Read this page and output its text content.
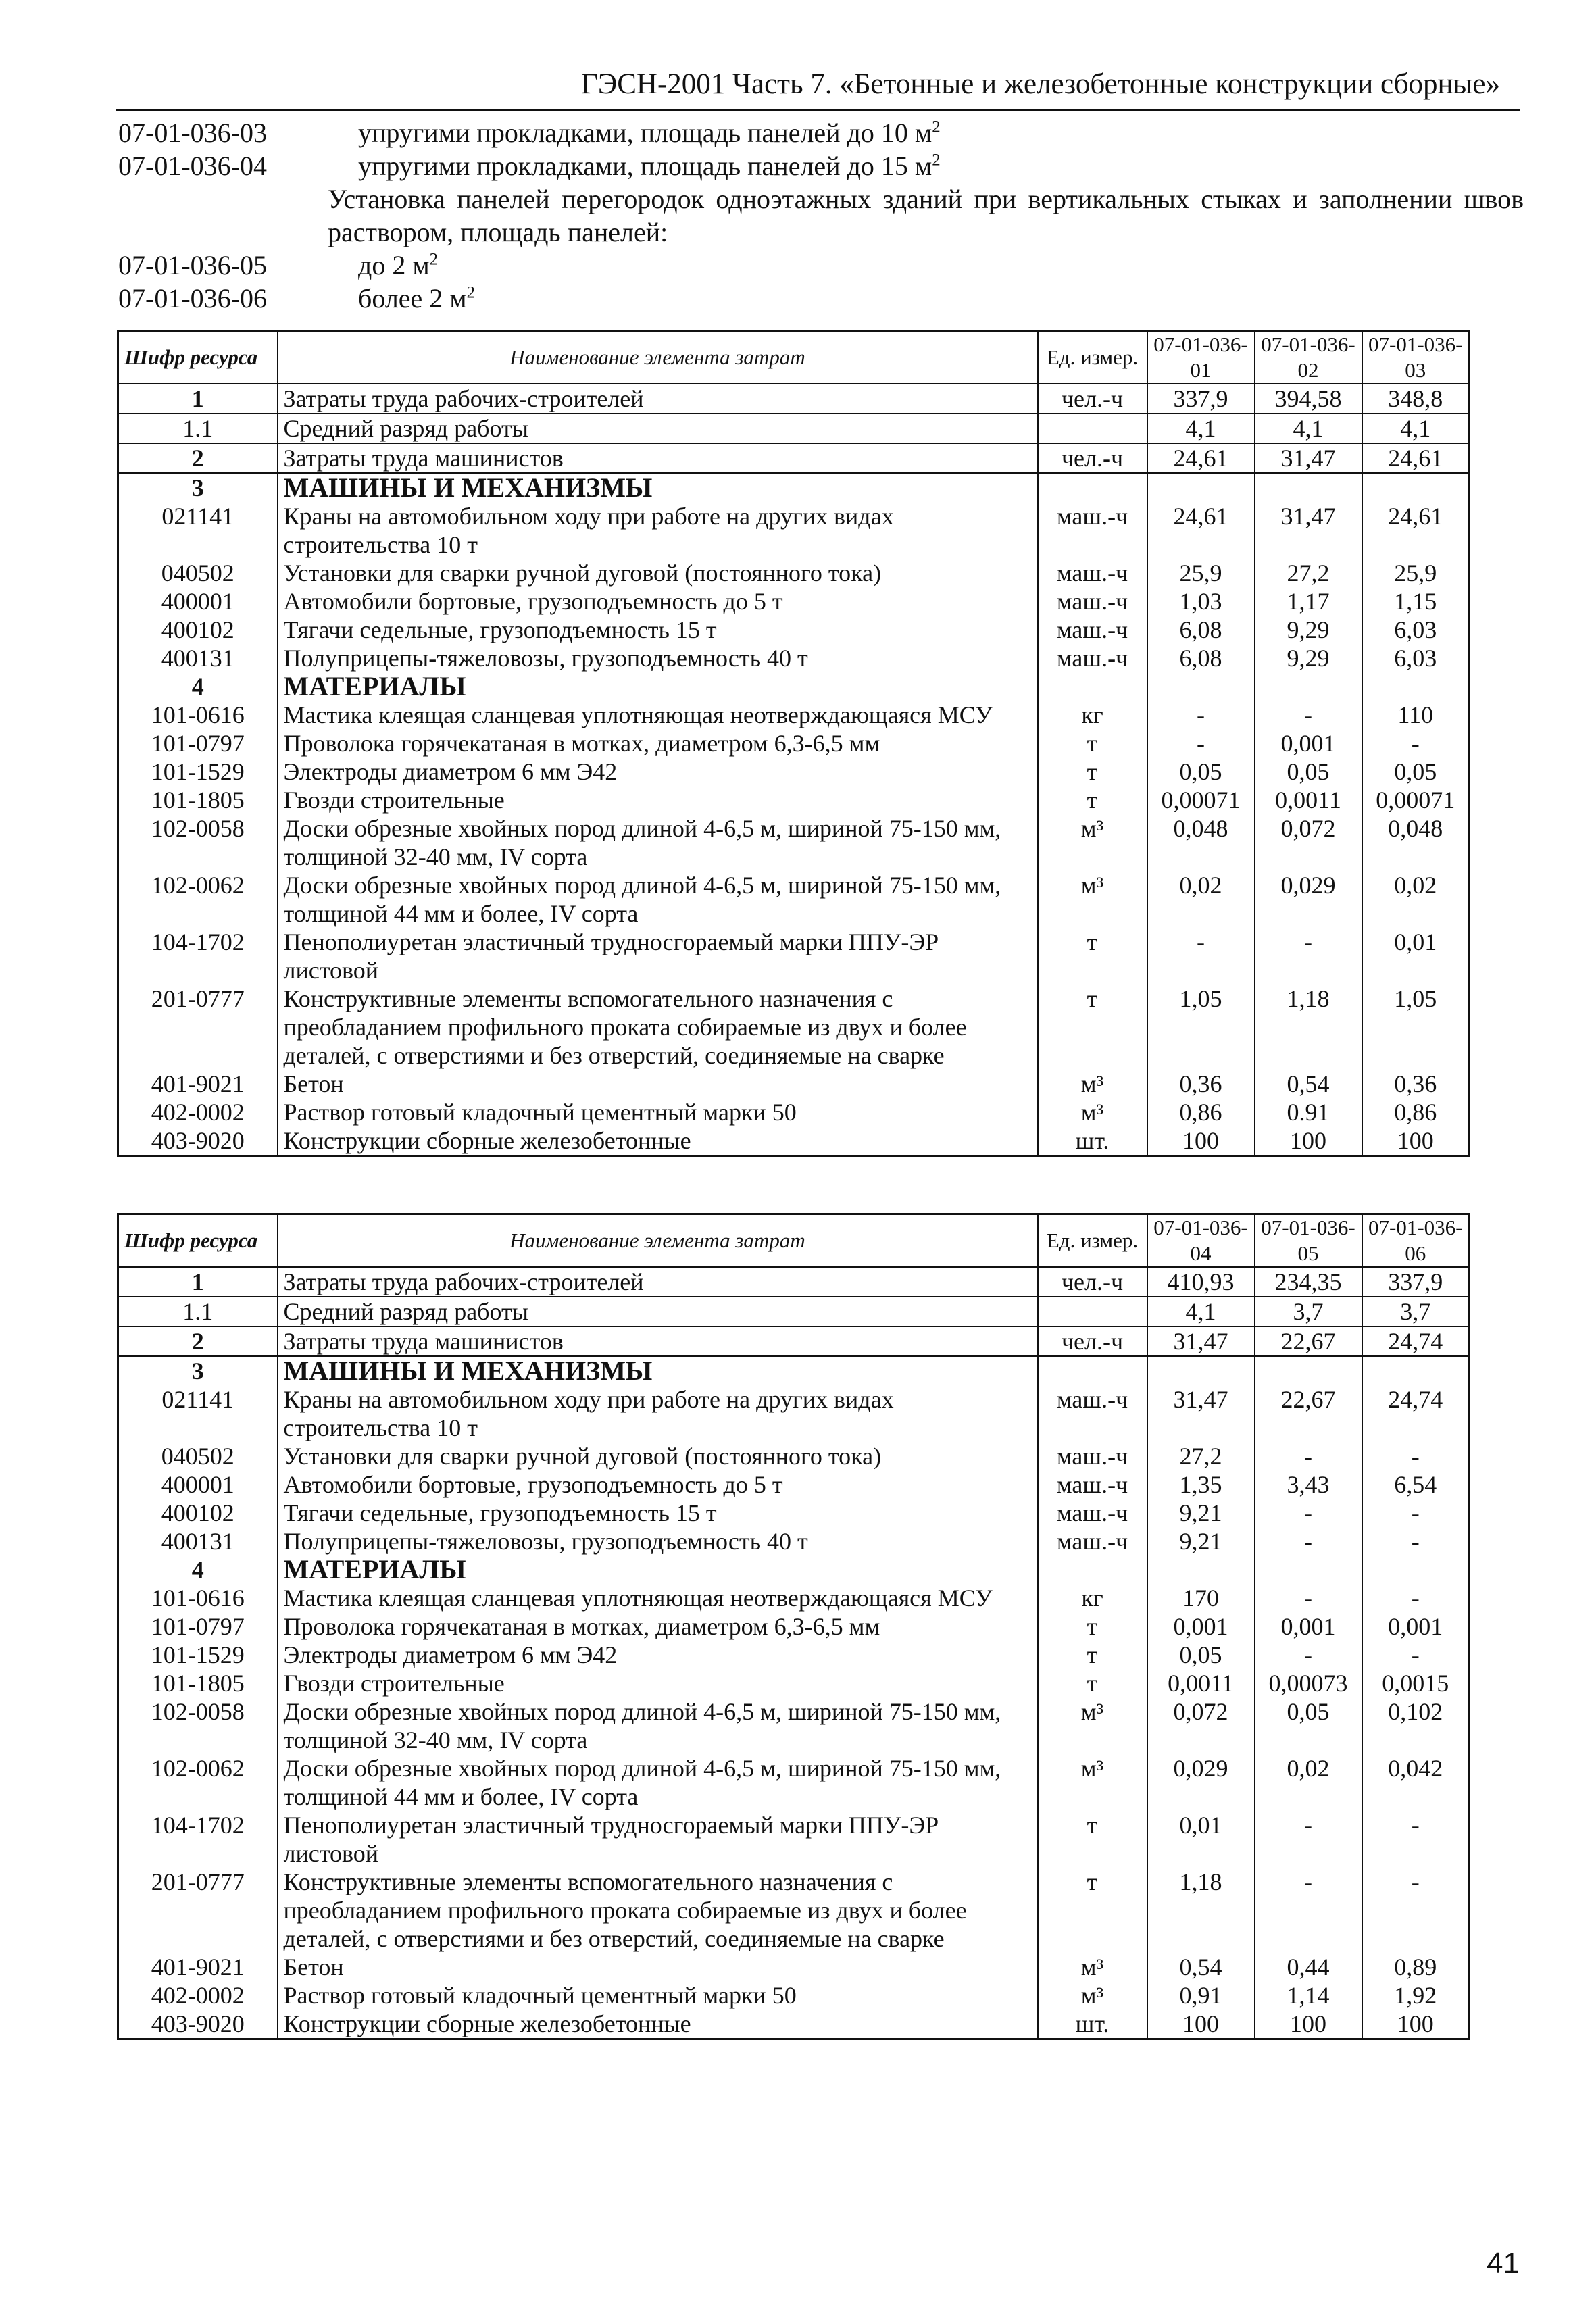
ГЭСН-2001 Часть 7. «Бетонные и железобетонные конструкции сборные»
07-01-036-03	упругими прокладками, площадь панелей до 10 $м^2$
07-01-036-04	упругими прокладками, площадь панелей до 15 $м^2$
Установка панелей перегородок одноэтажных зданий при вертикальных стыках и заполнении швов раствором, площадь панелей:
07-01-036-05	до 2 $м^2$
07-01-036-06	более 2 $м^2$
Шифр ресурса	Наименование элемента затрат	Ед. измер.	07-01-036-01	07-01-036-02	07-01-036-03
1	Затраты труда рабочих-строителей	чел.-ч	337,9	394,58	348,8
1.1	Средний разряд работы		4,1	4,1	4,1
2	Затраты труда машинистов	чел.-ч	24,61	31,47	24,61
3	МАШИНЫ И МЕХАНИЗМЫ				
021141	Краны на автомобильном ходу при работе на других видах строительства 10 т	маш.-ч	24,61	31,47	24,61
040502	Установки для сварки ручной дуговой (постоянного тока)	маш.-ч	25,9	27,2	25,9
400001	Автомобили бортовые, грузоподъемность до 5 т	маш.-ч	1,03	1,17	1,15
400102	Тягачи седельные, грузоподъемность 15 т	маш.-ч	6,08	9,29	6,03
400131	Полуприцепы-тяжеловозы, грузоподъемность 40 т	маш.-ч	6,08	9,29	6,03
4	МАТЕРИАЛЫ				
101-0616	Мастика клеящая сланцевая уплотняющая неотверждающаяся МСУ	кг	-	-	110
101-0797	Проволока горячекатаная в мотках, диаметром 6,3-6,5 мм	т	-	0,001	-
101-1529	Электроды диаметром 6 мм Э42	т	0,05	0,05	0,05
101-1805	Гвозди строительные	т	0,00071	0,0011	0,00071
102-0058	Доски обрезные хвойных пород длиной 4-6,5 м, шириной 75-150 мм, толщиной 32-40 мм, IV сорта	м³	0,048	0,072	0,048
102-0062	Доски обрезные хвойных пород длиной 4-6,5 м, шириной 75-150 мм, толщиной 44 мм и более, IV сорта	м³	0,02	0,029	0,02
104-1702	Пенополиуретан эластичный трудносгораемый марки ППУ-ЭР листовой	т	-	-	0,01
201-0777	Конструктивные элементы вспомогательного назначения с преобладанием профильного проката собираемые из двух и более деталей, с отверстиями и без отверстий, соединяемые на сварке	т	1,05	1,18	1,05
401-9021	Бетон	м³	0,36	0,54	0,36
402-0002	Раствор готовый кладочный цементный марки 50	м³	0,86	0.91	0,86
403-9020	Конструкции сборные железобетонные	шт.	100	100	100
Шифр ресурса	Наименование элемента затрат	Ед. измер.	07-01-036-04	07-01-036-05	07-01-036-06
1	Затраты труда рабочих-строителей	чел.-ч	410,93	234,35	337,9
1.1	Средний разряд работы		4,1	3,7	3,7
2	Затраты труда машинистов	чел.-ч	31,47	22,67	24,74
3	МАШИНЫ И МЕХАНИЗМЫ				
021141	Краны на автомобильном ходу при работе на других видах строительства 10 т	маш.-ч	31,47	22,67	24,74
040502	Установки для сварки ручной дуговой (постоянного тока)	маш.-ч	27,2	-	-
400001	Автомобили бортовые, грузоподъемность до 5 т	маш.-ч	1,35	3,43	6,54
400102	Тягачи седельные, грузоподъемность 15 т	маш.-ч	9,21	-	-
400131	Полуприцепы-тяжеловозы, грузоподъемность 40 т	маш.-ч	9,21	-	-
4	МАТЕРИАЛЫ				
101-0616	Мастика клеящая сланцевая уплотняющая неотверждающаяся МСУ	кг	170	-	-
101-0797	Проволока горячекатаная в мотках, диаметром 6,3-6,5 мм	т	0,001	0,001	0,001
101-1529	Электроды диаметром 6 мм Э42	т	0,05	-	-
101-1805	Гвозди строительные	т	0,0011	0,00073	0,0015
102-0058	Доски обрезные хвойных пород длиной 4-6,5 м, шириной 75-150 мм, толщиной 32-40 мм, IV сорта	м³	0,072	0,05	0,102
102-0062	Доски обрезные хвойных пород длиной 4-6,5 м, шириной 75-150 мм, толщиной 44 мм и более, IV сорта	м³	0,029	0,02	0,042
104-1702	Пенополиуретан эластичный трудносгораемый марки ППУ-ЭР листовой	т	0,01	-	-
201-0777	Конструктивные элементы вспомогательного назначения с преобладанием профильного проката собираемые из двух и более деталей, с отверстиями и без отверстий, соединяемые на сварке	т	1,18	-	-
401-9021	Бетон	м³	0,54	0,44	0,89
402-0002	Раствор готовый кладочный цементный марки 50	м³	0,91	1,14	1,92
403-9020	Конструкции сборные железобетонные	шт.	100	100	100
41
